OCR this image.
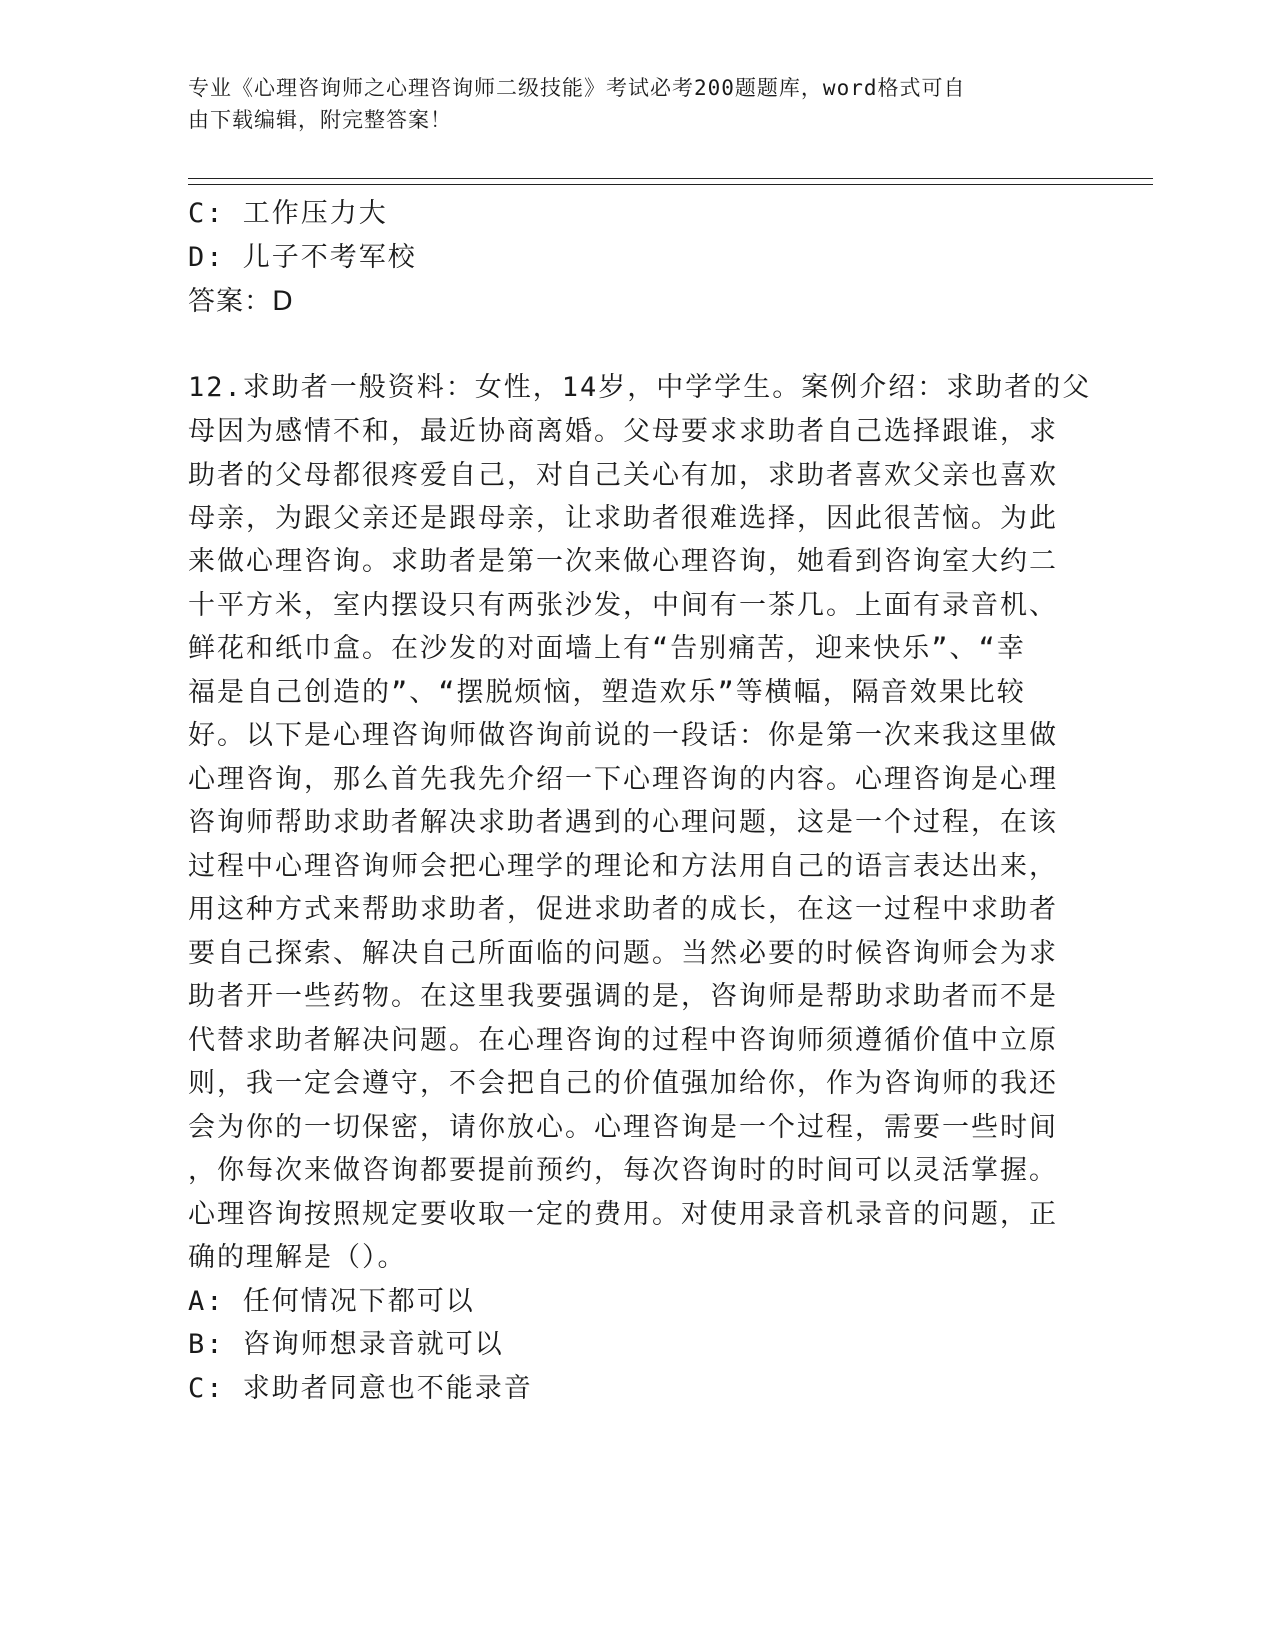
专业《心理咨询师之心理咨询师二级技能》考试必考200题题库，word格式可自
由下载编辑，附完整答案！
C: 工作压力大
D: 儿子不考军校
答案：D
12.求助者一般资料：女性，14岁，中学学生。案例介绍：求助者的父
母因为感情不和，最近协商离婚。父母要求求助者自己选择跟谁，求
助者的父母都很疼爱自己，对自己关心有加，求助者喜欢父亲也喜欢
母亲，为跟父亲还是跟母亲，让求助者很难选择，因此很苦恼。为此
来做心理咨询。求助者是第一次来做心理咨询，她看到咨询室大约二
十平方米，室内摆设只有两张沙发，中间有一茶几。上面有录音机、
鲜花和纸巾盒。在沙发的对面墙上有“告别痛苦，迎来快乐”、“幸
福是自己创造的”、“摆脱烦恼，塑造欢乐”等横幅，隔音效果比较
好。以下是心理咨询师做咨询前说的一段话：你是第一次来我这里做
心理咨询，那么首先我先介绍一下心理咨询的内容。心理咨询是心理
咨询师帮助求助者解决求助者遇到的心理问题，这是一个过程，在该
过程中心理咨询师会把心理学的理论和方法用自己的语言表达出来，
用这种方式来帮助求助者，促进求助者的成长，在这一过程中求助者
要自己探索、解决自己所面临的问题。当然必要的时候咨询师会为求
助者开一些药物。在这里我要强调的是，咨询师是帮助求助者而不是
代替求助者解决问题。在心理咨询的过程中咨询师须遵循价值中立原
则，我一定会遵守，不会把自己的价值强加给你，作为咨询师的我还
会为你的一切保密，请你放心。心理咨询是一个过程，需要一些时间
，你每次来做咨询都要提前预约，每次咨询时的时间可以灵活掌握。
心理咨询按照规定要收取一定的费用。对使用录音机录音的问题，正
确的理解是（）。
A: 任何情况下都可以
B: 咨询师想录音就可以
C: 求助者同意也不能录音
